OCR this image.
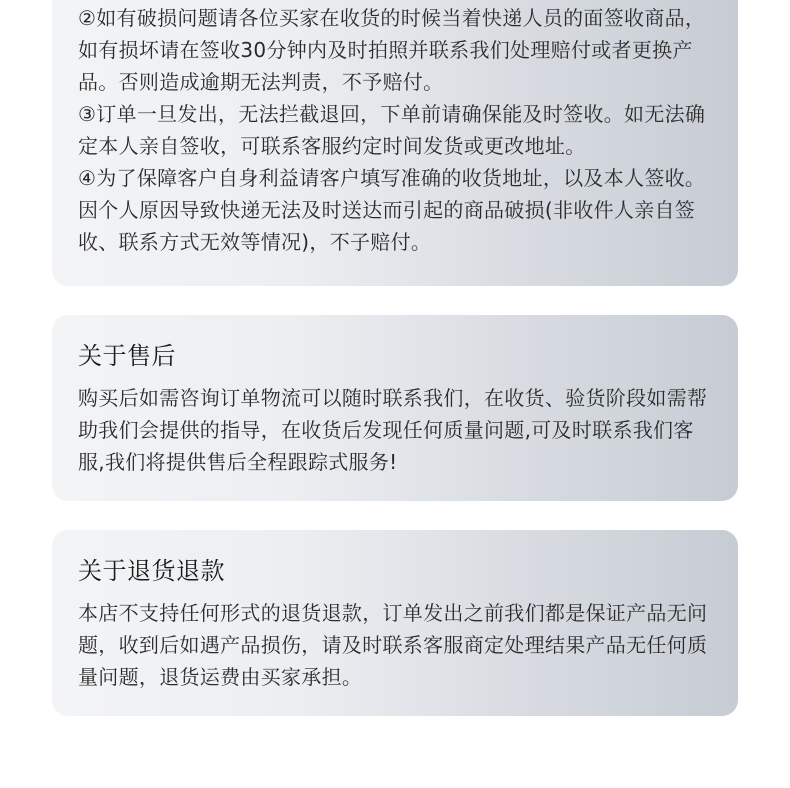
②如有破损问题请各位买家在收货的时候当着快递人员的面签收商品，如有损坏请在签收30分钟内及时拍照并联系我们处理赔付或者更换产品。否则造成逾期无法判责，不予赔付。

③订单一旦发出，无法拦截退回，下单前请确保能及时签收。如无法确定本人亲自签收，可联系客服约定时间发货或更改地址。

④为了保障客户自身利益请客户填写准确的收货地址，以及本人签收。因个人原因导致快递无法及时送达而引起的商品破损(非收件人亲自签收、联系方式无效等情况)，不子赔付。

关于售后

购买后如需咨询订单物流可以随时联系我们，在收货、验货阶段如需帮助我们会提供的指导，在收货后发现任何质量问题,可及时联系我们客服,我们将提供售后全程跟踪式服务!

关于退货退款

本店不支持任何形式的退货退款，订单发出之前我们都是保证产品无问题，收到后如遇产品损伤，请及时联系客服商定处理结果产品无任何质量问题，退货运费由买家承担。
